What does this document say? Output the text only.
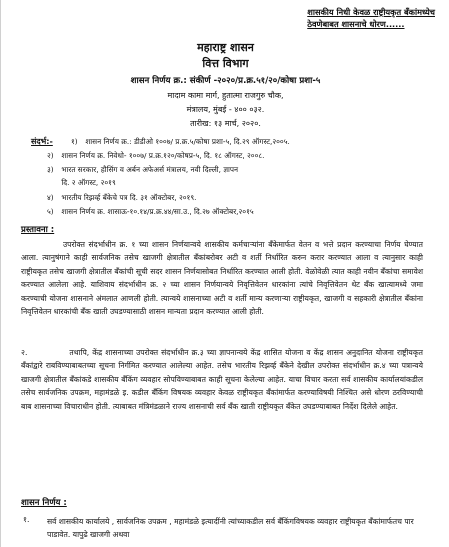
शासकीय निधी केवळ राष्ट्रीयकृत बँकांमध्येच
ठेवणेबाबत शासनाचे धोरण......
महाराष्ट्र शासन
वित्त विभाग
शासन निर्णय क्र.: संकीर्ण -२०२०/प्र.क्र.५१/२०/कोषा प्रशा-५
मादाम कामा मार्ग, हुतात्मा राजगुरु चौक,
मंत्रालय, मुंबई - ४०० ०३२.
तारीख: १३ मार्च, २०२०.
संदर्भ:- १) शासन निर्णय क्र.: डीडीओ १००७/ प्र.क्र.५/कोषा प्रशा-५, दि.२९ ऑगस्ट,२००५.
२) शासन निर्णय क्र. निवेधो- १००७/ प्र.क्र.१२०/कोषप्र-५, दि. १८ ऑगस्ट, २००८.
३) भारत सरकार, हौसिंग व अर्बन अफेअर्स मंत्रालय, नवी दिल्ली, ज्ञापन
दि. २ ऑगस्ट, २०१९
४) भारतीय रिझर्व्ह बँकेचे पत्र दि. ३१ ऑक्टोबर, २०१९.
५) शासन निर्णय क्र. शासाऊ-१०.१४/प्र.क्र.४४/सा.उ., दि.२७ ऑक्टोबर,२०१५
प्रस्तावना :

उपरोक्त संदर्भाधीन क्र. १ च्या शासन निर्णयान्वये शासकीय कर्मचाऱ्यांना बँकेमार्फत वेतन व भत्ते प्रदान करण्याचा निर्णय घेण्यात आला. त्यानुषंगाने काही सार्वजनिक तसेच खाजगी क्षेत्रातील बँकांबरोबर अटी व शर्ती निर्धारित करुन करार करण्यात आला व त्यानुसार काही राष्ट्रीयकृत तसेच खाजगी क्षेत्रातील बँकांची सूची सदर शासन निर्णयासोबत निर्धारित करण्यात आली होती. वेळोवेळी त्यात काही नवीन बँकांचा समावेश करण्यात आलेला आहे. याशिवाय संदर्भाधीन क्र. २ च्या शासन निर्णयान्वये निवृत्तिवेतन धारकांना त्यांचे निवृत्तिवेतन थेट बँक खात्यामध्ये जमा करण्याची योजना शासनाने अंमलात आणली होती. त्यान्वये शासनाच्या अटी व शर्ती मान्य करणाऱ्या राष्ट्रीयकृत, खाजगी व सहकारी क्षेत्रातील बँकांना निवृत्तिवेतन धारकांची बँक खाती उघडण्यासाठी शासन मान्यता प्रदान करण्यात आली होती.

२.	तथापि, केंद्र शासनाच्या उपरोक्त संदर्भाधीन क्र.३ च्या ज्ञापनान्वये केंद्र शासित योजना व केंद्र शासन अनुदानित योजना राष्ट्रीयकृत बँकांद्वारे राबविण्याबाबतच्या सूचना निर्गमित करण्यात आलेल्या आहेत. तसेच भारतीय रिझर्व्ह बँकेने देखील उपरोक्त संदर्भाधीन क्र.४ च्या पत्रान्वये खाजगी क्षेत्रातील बँकांकडे शासकीय बँकिंग व्यवहार सोपविण्याबाबत काही सूचना केलेल्या आहेत. याचा विचार करता सर्व शासकीय कार्यालयांकडील तसेच सार्वजनिक उपक्रम, महामंडळे इ. कडील बँकिंग विषयक व्यवहार केवळ राष्ट्रीयकृत बँकांमार्फत करण्याविषयी निश्चित असे धोरण ठरविण्याची बाब शासनाच्या विचाराधीन होती. त्याबाबत मंत्रिमंडळाने राज्य शासनाची सर्व बँक खाती राष्ट्रीयकृत बँकेत उघडण्याबाबत निर्देश दिलेले आहेत.

शासन निर्णय :
१. सर्व शासकीय कार्यालये , सार्वजनिक उपक्रम , महामंडळे इत्यादींनी त्यांच्याकडील सर्व बँकिंगविषयक व्यवहार राष्ट्रीयकृत बँकांमार्फतच पार पाडावेत. यापुढे खाजगी अथवा
